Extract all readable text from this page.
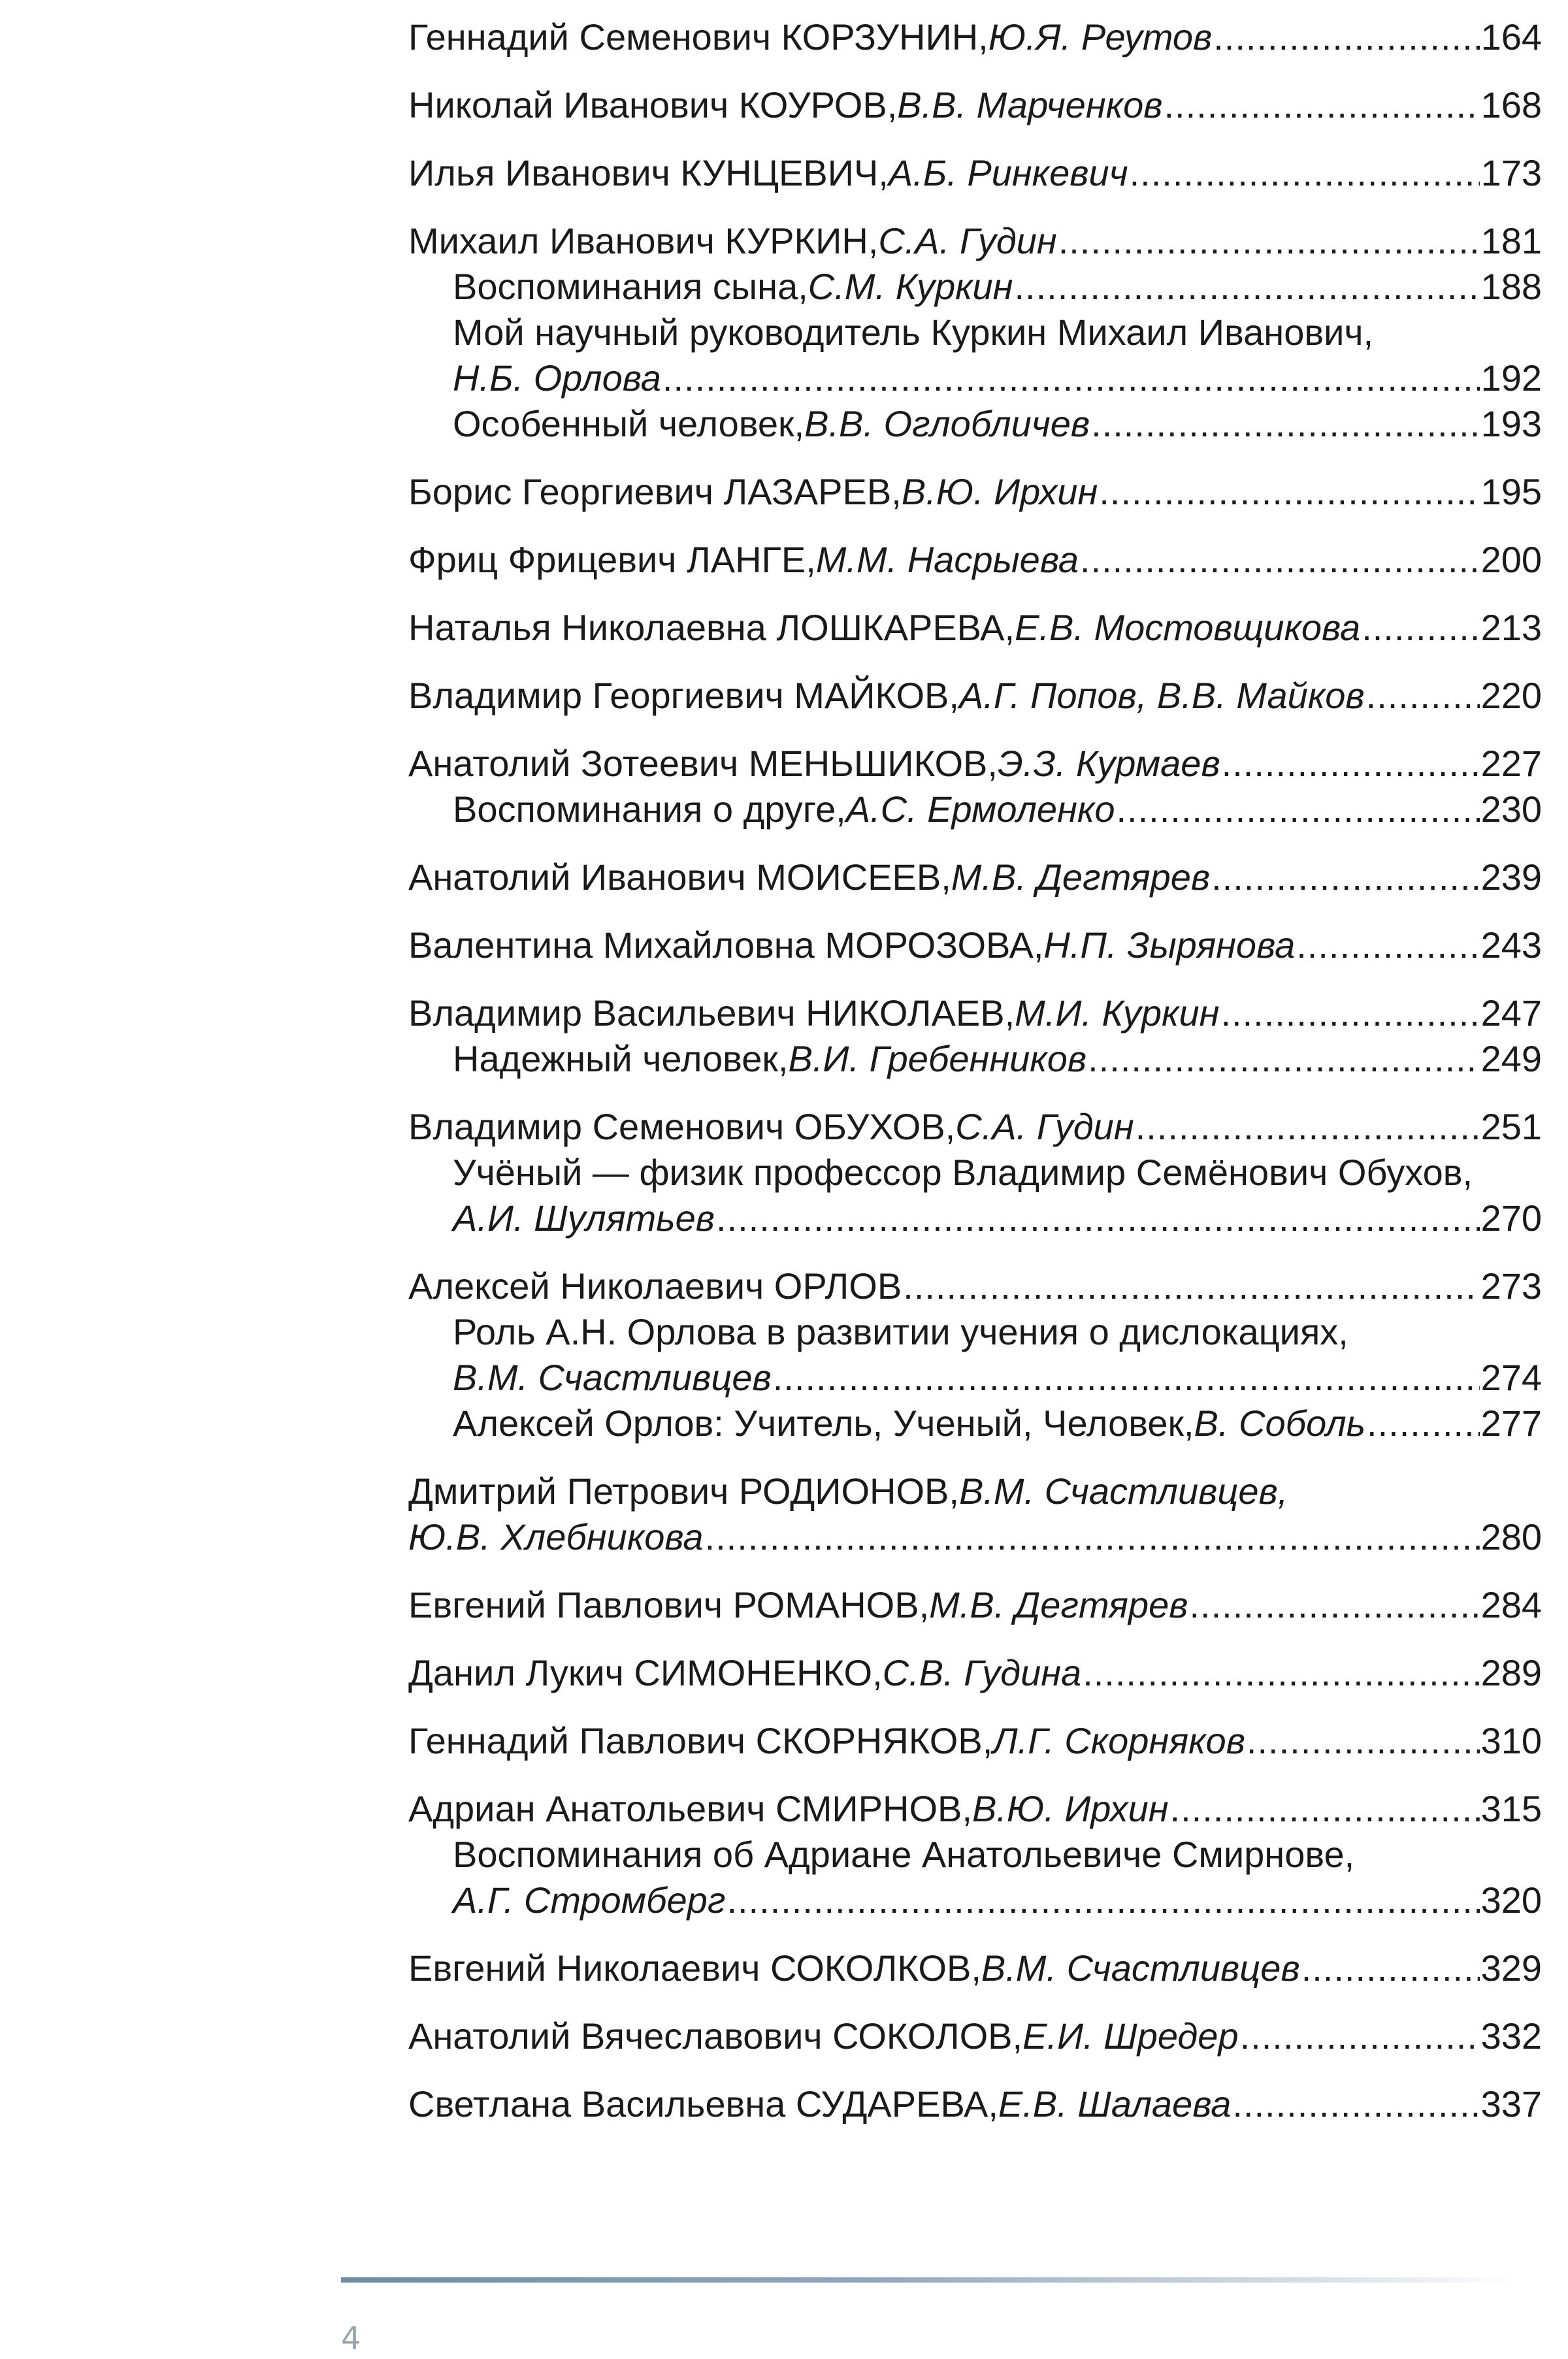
Геннадий Семенович КОРЗУНИН, Ю.Я. Реутов .....	164
Николай Иванович КОУРОВ, В.В. Марченков .....	168
Илья Иванович КУНЦЕВИЧ, А.Б. Ринкевич .....	173
Михаил Иванович КУРКИН, С.А. Гудин .....	181
Воспоминания сына, С.М. Куркин .....	188
Мой научный руководитель Куркин Михаил Иванович,
Н.Б. Орлова .....	192
Особенный человек, В.В. Оглобличев .....	193
Борис Георгиевич ЛАЗАРЕВ, В.Ю. Ирхин .....	195
Фриц Фрицевич ЛАНГЕ, М.М. Насрыева .....	200
Наталья Николаевна ЛОШКАРЕВА, Е.В. Мостовщикова .....	213
Владимир Георгиевич МАЙКОВ, А.Г. Попов, В.В. Майков .....	220
Анатолий Зотеевич МЕНЬШИКОВ, Э.З. Курмаев .....	227
Воспоминания о друге, А.С. Ермоленко .....	230
Анатолий Иванович МОИСЕЕВ, М.В. Дегтярев .....	239
Валентина Михайловна МОРОЗОВА, Н.П. Зырянова .....	243
Владимир Васильевич НИКОЛАЕВ, М.И. Куркин .....	247
Надежный человек, В.И. Гребенников .....	249
Владимир Семенович ОБУХОВ, С.А. Гудин .....	251
Учёный — физик профессор Владимир Семёнович Обухов,
А.И. Шулятьев .....	270
Алексей Николаевич ОРЛОВ .....	273
Роль А.Н. Орлова в развитии учения о дислокациях,
В.М. Счастливцев .....	274
Алексей Орлов: Учитель, Ученый, Человек, В. Соболь .....	277
Дмитрий Петрович РОДИОНОВ, В.М. Счастливцев,
Ю.В. Хлебникова .....	280
Евгений Павлович РОМАНОВ, М.В. Дегтярев .....	284
Данил Лукич СИМОНЕНКО, С.В. Гудина .....	289
Геннадий Павлович СКОРНЯКОВ, Л.Г. Скорняков .....	310
Адриан Анатольевич СМИРНОВ, В.Ю. Ирхин .....	315
Воспоминания об Адриане Анатольевиче Смирнове,
А.Г. Стромберг .....	320
Евгений Николаевич СОКОЛКОВ, В.М. Счастливцев .....	329
Анатолий Вячеславович СОКОЛОВ, Е.И. Шредер .....	332
Светлана Васильевна СУДАРЕВА, Е.В. Шалаева .....	337
4
